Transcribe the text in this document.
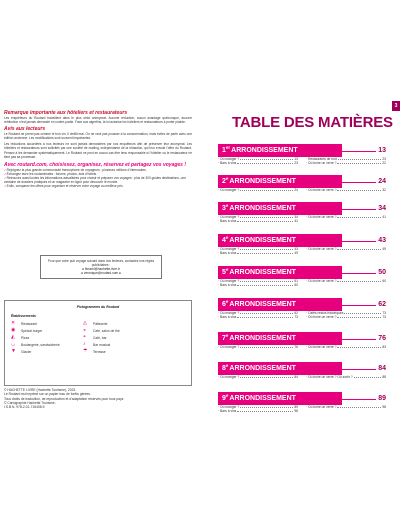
Remarque importante aux hôteliers et restaurateurs

Les enquêteurs du Routard travaillent dans le plus strict anonymat. Aucune réduction, aucun avantage quelconque, aucune rétribution n’est jamais demandé en contre-partie. Face aux aigrefins, la loi autorise les hôteliers et restaurateurs à porter plainte.

Avis aux lecteurs

Le Routard ne prend pas comme le bon vin, il vieillit mal. On ne veut pas pousser à la consommation, mais évitez de partir avec une édition ancienne. Les modifications sont souvent importantes.

Les réductions accordées à nos lecteurs ne sont jamais demandées par nos enquêteurs afin de préserver leur anonymat. Les hôteliers et restaurateurs sont sollicités par une société de mailing, indépendante de la rédaction, qui leur envoie l’offre du Routard. Pensez à les demander systématiquement. Le Routard ne peut en aucun cas être tenu responsable si l’hôtelier ou le restaurateur ne tient pas sa promesse.

Avec routard.com, choisissez, organisez, réservez et partagez vos voyages !
✓ Rejoignez la plus grande communauté francophone de voyageurs : plusieurs millions d’internautes.
✓ Échangez avec les routardmates : forums, photos, avis d’hôtels.
✓ Retrouvez aussi toutes les informations actualisées pour choisir et préparer vos voyages : plus de 300 guides destinations, une centaine de dossiers pratiques et un magazine en ligne pour découvrir le monde.
✓ Enfin, comparez les offres pour organiser et réserver votre voyage au meilleur prix.
Pour que votre pub voyage suivant dans nos lecteurs, contactez nos régies publicitaires :
● fbrunel@hachette-livre.fr
● veronique@routard.com ●
Pictogrammes du Routard
Établissements
✕	Restaurant
◉	Spécial burger
◭	Pizza
◡	Boulangerie, sandwicherie
▼	Glacier
◬	Pâtisserie
◒	Café, salon de thé
◓	Café, bar
♪	Bar musical
☂	Terrasse
© HACHETTE LIVRE (Hachette Tourisme), 2023
Le Routard est imprimé sur un papier issu de forêts gérées.
Tous droits de traduction, de reproduction et d’adaptation réservés pour tous pays.
© Cartographie Hachette Tourisme.
I.S.B.N. 978-2-01-716408-9
3
TABLE DES MATIÈRES
1 er ARRONDISSEMENT	13
· Où manger ?	13
· Bars à vins	23
· Restaurants de nuit	23
· Où boire un verre ?	22
2 e ARRONDISSEMENT	24
· Où manger ?	24 · Où boire un verre ?	32
3 e ARRONDISSEMENT	34
· Où manger ?	34
· Bars à vins	41
· Où boire un verre ?	41
4 e ARRONDISSEMENT	43
· Où manger ?	43
· Bars à vins	49
· Où boire un verre ?	49
5 e ARRONDISSEMENT	50
· Où manger ?	51
· Bars à vins	60
· Où boire un verre ?	60
6 e ARRONDISSEMENT	62
· Où manger ?	62
· Bars à vins	73
· Cafés restos historiques	73
· Où boire un verre ?	73
7 e ARRONDISSEMENT	76
· Où manger ?	76 · Où boire un verre ?	83
8 e ARRONDISSEMENT	84
· Où manger ?	84 · Où boire un verre ? Où sortir ?	88
9 e ARRONDISSEMENT	89
· Où manger ?	89
· Bars à vins	98
· Où boire un verre ?	98
